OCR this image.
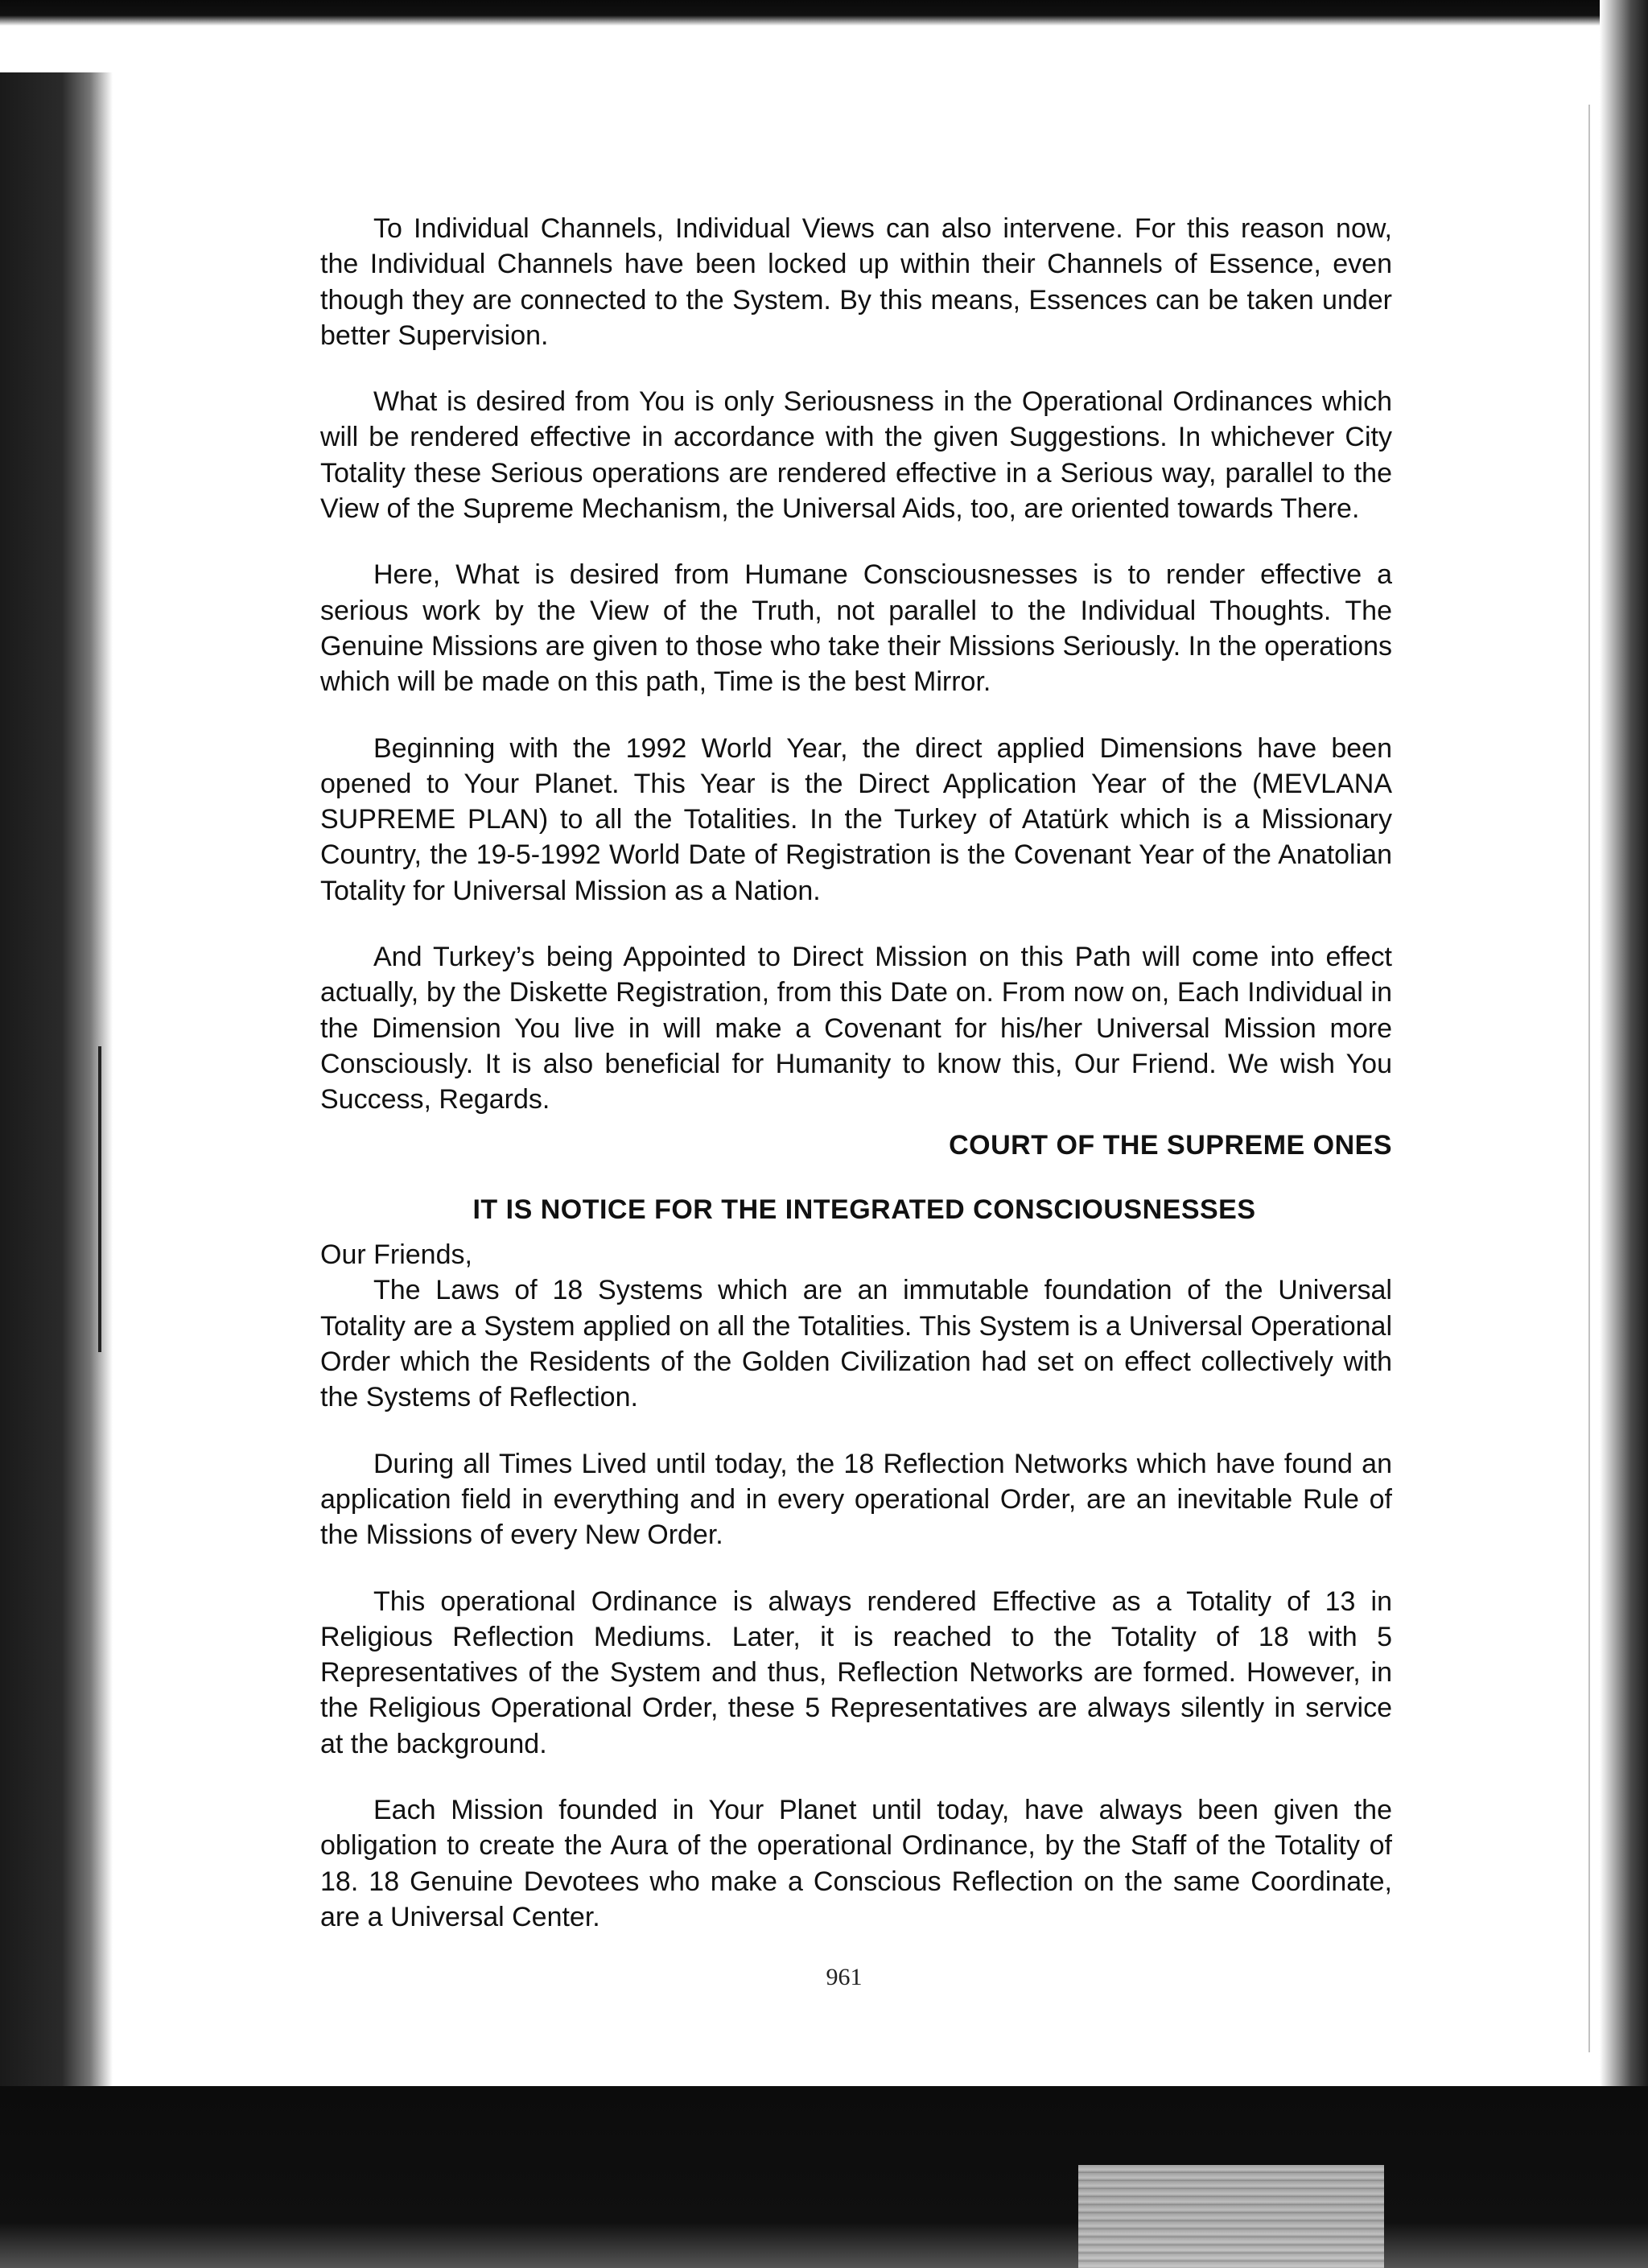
To Individual Channels, Individual Views can also intervene. For this reason now, the Individual Channels have been locked up within their Channels of Essence, even though they are connected to the System. By this means, Essences can be taken under better Supervision.

What is desired from You is only Seriousness in the Operational Ordinances which will be rendered effective in accordance with the given Suggestions. In whichever City Totality these Serious operations are rendered effective in a Serious way, parallel to the View of the Supreme Mechanism, the Universal Aids, too, are oriented towards There.

Here, What is desired from Humane Consciousnesses is to render effective a serious work by the View of the Truth, not parallel to the Individual Thoughts. The Genuine Missions are given to those who take their Missions Seriously. In the operations which will be made on this path, Time is the best Mirror.

Beginning with the 1992 World Year, the direct applied Dimensions have been opened to Your Planet. This Year is the Direct Application Year of the (MEVLANA SUPREME PLAN) to all the Totalities. In the Turkey of Atatürk which is a Missionary Country, the 19-5-1992 World Date of Registration is the Covenant Year of the Anatolian Totality for Universal Mission as a Nation.

And Turkey’s being Appointed to Direct Mission on this Path will come into effect actually, by the Diskette Registration, from this Date on. From now on, Each Individual in the Dimension You live in will make a Covenant for his/her Universal Mission more Consciously. It is also beneficial for Humanity to know this, Our Friend. We wish You Success, Regards.

COURT OF THE SUPREME ONES
IT IS NOTICE FOR THE INTEGRATED CONSCIOUSNESSES

Our Friends,

The Laws of 18 Systems which are an immutable foundation of the Universal Totality are a System applied on all the Totalities. This System is a Universal Operational Order which the Residents of the Golden Civilization had set on effect collectively with the Systems of Reflection.

During all Times Lived until today, the 18 Reflection Networks which have found an application field in everything and in every operational Order, are an inevitable Rule of the Missions of every New Order.

This operational Ordinance is always rendered Effective as a Totality of 13 in Religious Reflection Mediums. Later, it is reached to the Totality of 18 with 5 Representatives of the System and thus, Reflection Networks are formed. However, in the Religious Operational Order, these 5 Representatives are always silently in service at the background.

Each Mission founded in Your Planet until today, have always been given the obligation to create the Aura of the operational Ordinance, by the Staff of the Totality of 18. 18 Genuine Devotees who make a Conscious Reflection on the same Coordinate, are a Universal Center.

961
